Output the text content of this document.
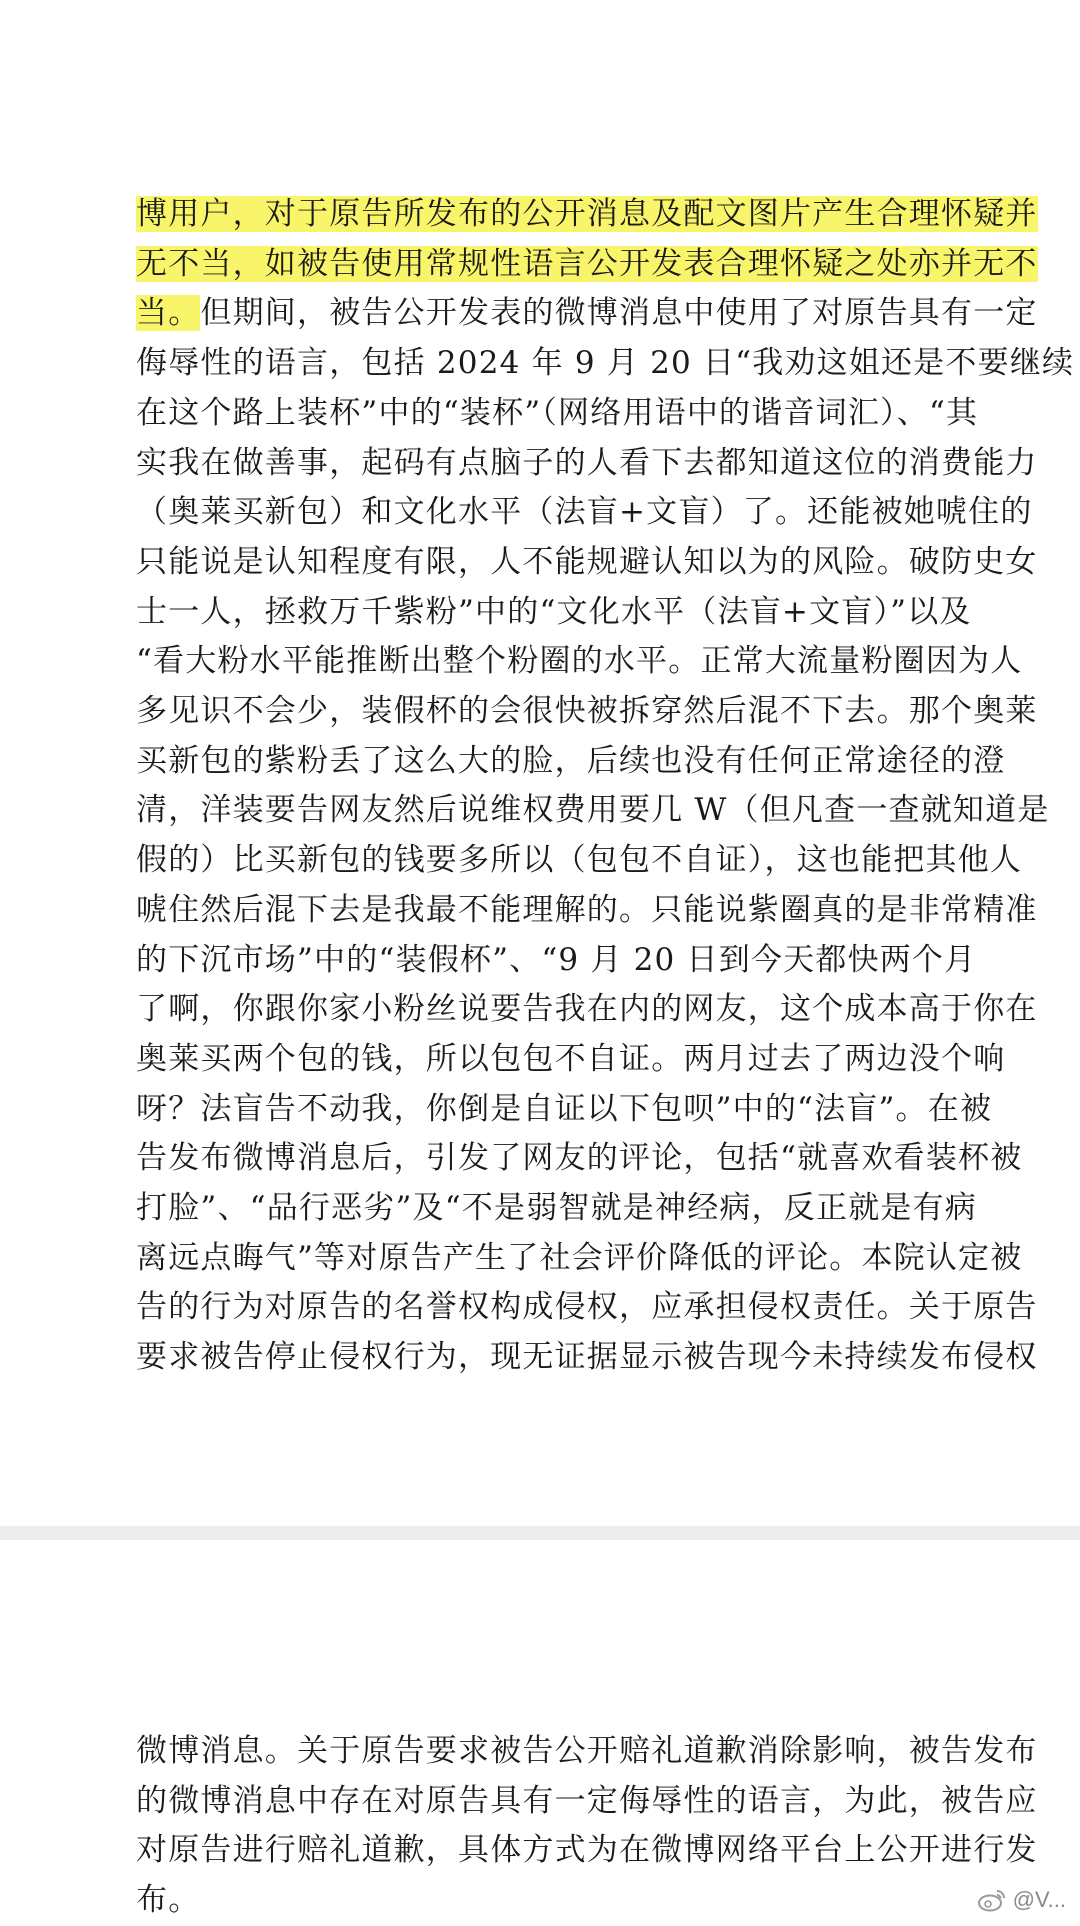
博用户，对于原告所发布的公开消息及配文图片产生合理怀疑并
无不当，如被告使用常规性语言公开发表合理怀疑之处亦并无不
当。但期间，被告公开发表的微博消息中使用了对原告具有一定
侮辱性的语言，包括 2024 年 9 月 20 日“我劝这姐还是不要继续
在这个路上装杯”中的“装杯”（网络用语中的谐音词汇）、“其
实我在做善事，起码有点脑子的人看下去都知道这位的消费能力
（奥莱买新包）和文化水平（法盲+文盲）了。还能被她唬住的
只能说是认知程度有限，人不能规避认知以为的风险。破防史女
士一人，拯救万千紫粉”中的“文化水平（法盲+文盲）”以及
“看大粉水平能推断出整个粉圈的水平。正常大流量粉圈因为人
多见识不会少，装假杯的会很快被拆穿然后混不下去。那个奥莱
买新包的紫粉丢了这么大的脸，后续也没有任何正常途径的澄
清，洋装要告网友然后说维权费用要几 W（但凡查一查就知道是
假的）比买新包的钱要多所以（包包不自证），这也能把其他人
唬住然后混下去是我最不能理解的。只能说紫圈真的是非常精准
的下沉市场”中的“装假杯”、“9 月 20 日到今天都快两个月
了啊，你跟你家小粉丝说要告我在内的网友，这个成本高于你在
奥莱买两个包的钱，所以包包不自证。两月过去了两边没个响
呀？法盲告不动我，你倒是自证以下包呗”中的“法盲”。在被
告发布微博消息后，引发了网友的评论，包括“就喜欢看装杯被
打脸”、“品行恶劣”及“不是弱智就是神经病，反正就是有病
离远点晦气”等对原告产生了社会评价降低的评论。本院认定被
告的行为对原告的名誉权构成侵权，应承担侵权责任。关于原告
要求被告停止侵权行为，现无证据显示被告现今未持续发布侵权
微博消息。关于原告要求被告公开赔礼道歉消除影响，被告发布
的微博消息中存在对原告具有一定侮辱性的语言，为此，被告应
对原告进行赔礼道歉，具体方式为在微博网络平台上公开进行发
布。	@V...
